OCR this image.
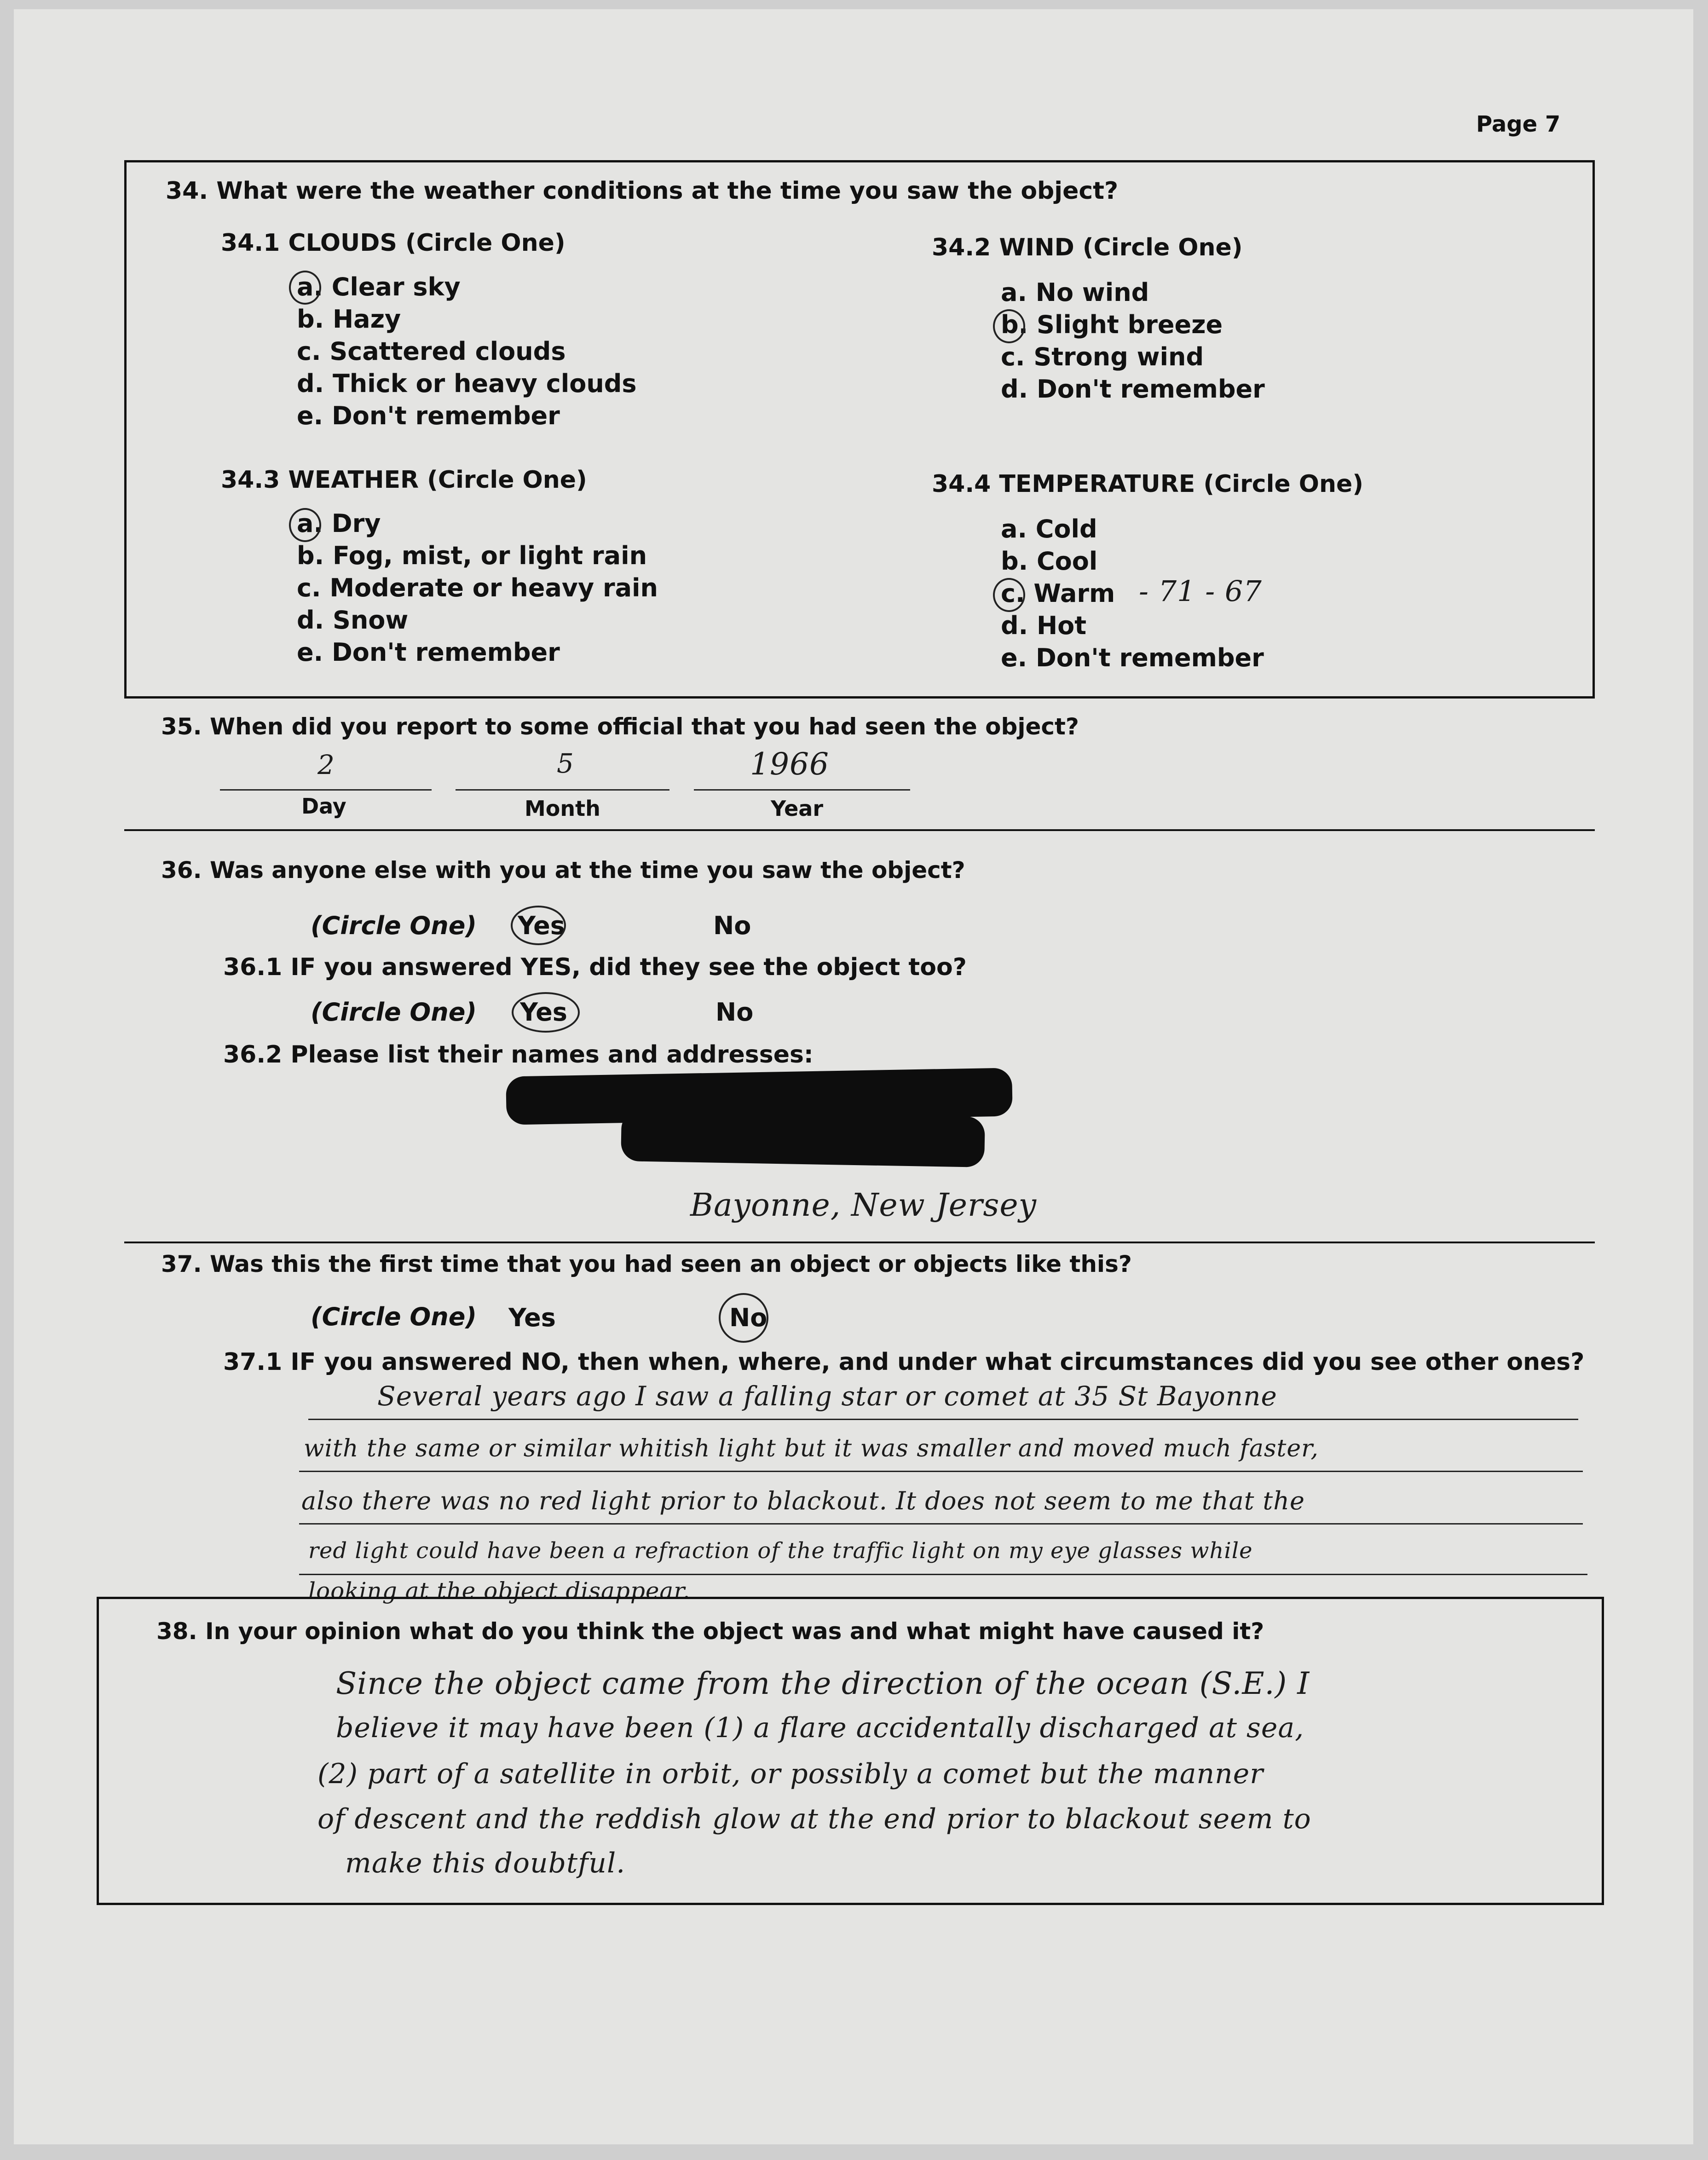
Page 7
34. What were the weather conditions at the time you saw the object?
34.1 CLOUDS (Circle One)
a. Clear sky
b. Hazy
c. Scattered clouds
d. Thick or heavy clouds
e. Don't remember
34.2 WIND (Circle One)
a. No wind
b. Slight breeze
c. Strong wind
d. Don't remember
34.3 WEATHER (Circle One)
a. Dry
b. Fog, mist, or light rain
c. Moderate or heavy rain
d. Snow
e. Don't remember
34.4 TEMPERATURE (Circle One)
a. Cold
b. Cool
c. Warm
d. Hot
e. Don't remember
- 71 - 67
35. When did you report to some official that you had seen the object?
2	5	1966
Day	Month	Year
36. Was anyone else with you at the time you saw the object?
(Circle One) Yes	No
36.1 IF you answered YES, did they see the object too?
(Circle One) Yes	No
36.2 Please list their names and addresses:
Bayonne, New Jersey
37. Was this the first time that you had seen an object or objects like this?
(Circle One) Yes	No
37.1 IF you answered NO, then when, where, and under what circumstances did you see other ones?
Several years ago I saw a falling star or comet at 35 St Bayonne
with the same or similar whitish light but it was smaller and moved much faster,
also there was no red light prior to blackout. It does not seem to me that the
red light could have been a refraction of the traffic light on my eye glasses while
looking at the object disappear.
38. In your opinion what do you think the object was and what might have caused it?
Since the object came from the direction of the ocean (S.E.) I
believe it may have been (1) a flare accidentally discharged at sea,
(2) part of a satellite in orbit, or possibly a comet but the manner
of descent and the reddish glow at the end prior to blackout seem to
make this doubtful.
